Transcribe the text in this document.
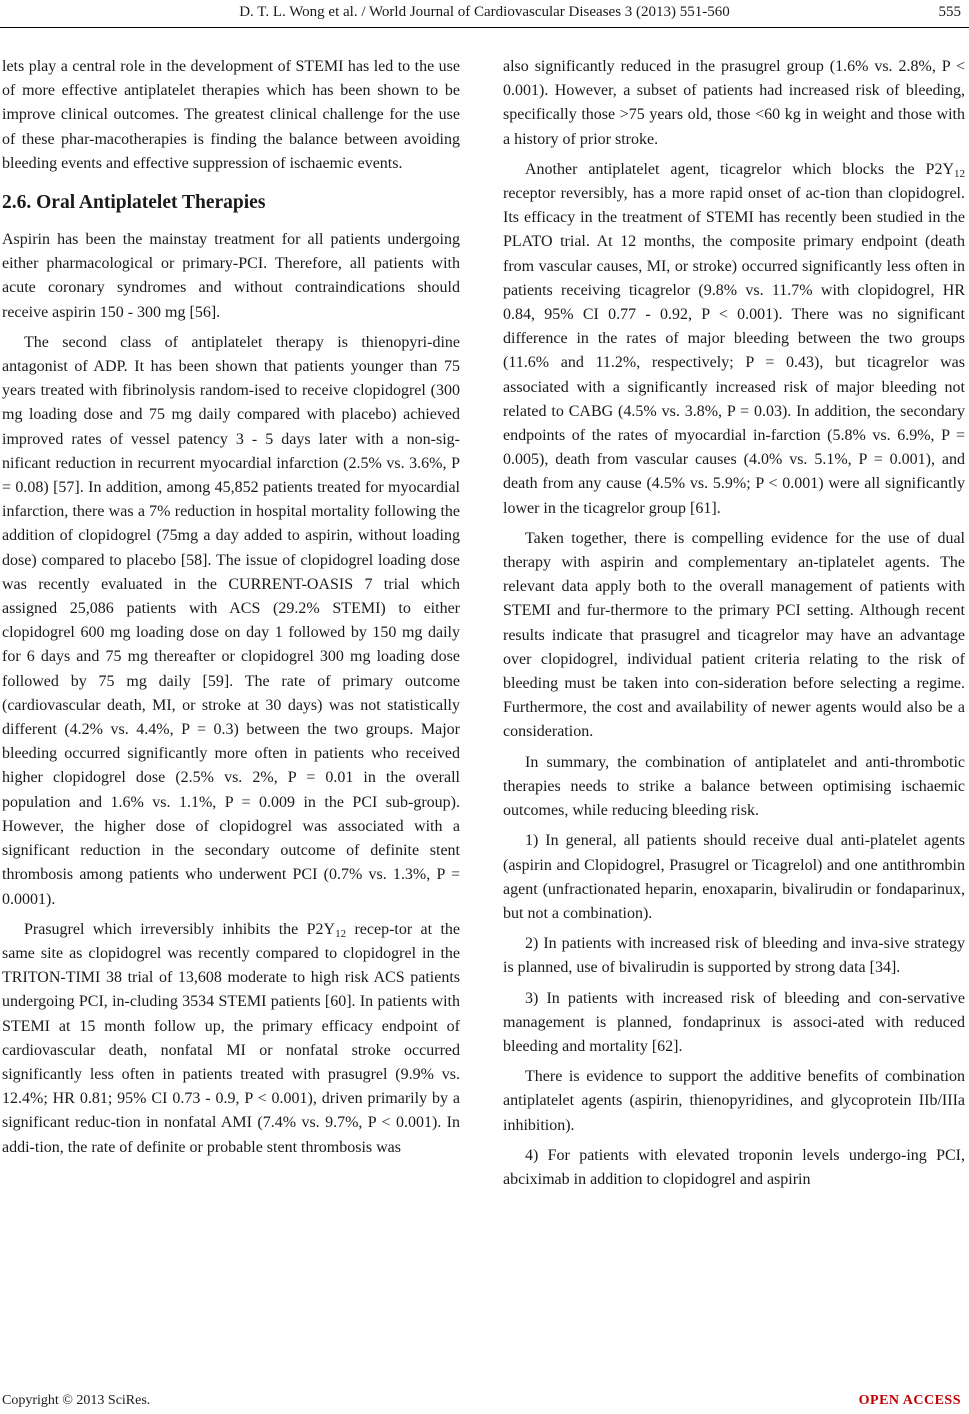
D. T. L. Wong et al. / World Journal of Cardiovascular Diseases 3 (2013) 551-560	555

lets play a central role in the development of STEMI has led to the use of more effective antiplatelet therapies which has been shown to be improve clinical outcomes. The greatest clinical challenge for the use of these phar-macotherapies is finding the balance between avoiding bleeding events and effective suppression of ischaemic events.

2.6. Oral Antiplatelet Therapies

Aspirin has been the mainstay treatment for all patients undergoing either pharmacological or primary-PCI. Therefore, all patients with acute coronary syndromes and without contraindications should receive aspirin 150 - 300 mg [56].

The second class of antiplatelet therapy is thienopyri-dine antagonist of ADP. It has been shown that patients younger than 75 years treated with fibrinolysis random-ised to receive clopidogrel (300 mg loading dose and 75 mg daily compared with placebo) achieved improved rates of vessel patency 3 - 5 days later with a non-sig-nificant reduction in recurrent myocardial infarction (2.5% vs. 3.6%, P = 0.08) [57]. In addition, among 45,852 patients treated for myocardial infarction, there was a 7% reduction in hospital mortality following the addition of clopidogrel (75mg a day added to aspirin, without loading dose) compared to placebo [58]. The issue of clopidogrel loading dose was recently evaluated in the CURRENT-OASIS 7 trial which assigned 25,086 patients with ACS (29.2% STEMI) to either clopidogrel 600 mg loading dose on day 1 followed by 150 mg daily for 6 days and 75 mg thereafter or clopidogrel 300 mg loading dose followed by 75 mg daily [59]. The rate of primary outcome (cardiovascular death, MI, or stroke at 30 days) was not statistically different (4.2% vs. 4.4%, P = 0.3) between the two groups. Major bleeding occurred significantly more often in patients who received higher clopidogrel dose (2.5% vs. 2%, P = 0.01 in the overall population and 1.6% vs. 1.1%, P = 0.009 in the PCI sub-group). However, the higher dose of clopidogrel was associated with a significant reduction in the secondary outcome of definite stent thrombosis among patients who underwent PCI (0.7% vs. 1.3%, P = 0.0001).

Prasugrel which irreversibly inhibits the $P2Y_{12}$ recep-tor at the same site as clopidogrel was recently compared to clopidogrel in the TRITON-TIMI 38 trial of 13,608 moderate to high risk ACS patients undergoing PCI, in-cluding 3534 STEMI patients [60]. In patients with STEMI at 15 month follow up, the primary efficacy endpoint of cardiovascular death, nonfatal MI or nonfatal stroke occurred significantly less often in patients treated with prasugrel (9.9% vs. 12.4%; HR 0.81; 95% CI 0.73 - 0.9, P < 0.001), driven primarily by a significant reduc-tion in nonfatal AMI (7.4% vs. 9.7%, P < 0.001). In addi-tion, the rate of definite or probable stent thrombosis was

also significantly reduced in the prasugrel group (1.6% vs. 2.8%, P < 0.001). However, a subset of patients had increased risk of bleeding, specifically those >75 years old, those <60 kg in weight and those with a history of prior stroke.

Another antiplatelet agent, ticagrelor which blocks the $P2Y_{12}$ receptor reversibly, has a more rapid onset of ac-tion than clopidogrel. Its efficacy in the treatment of STEMI has recently been studied in the PLATO trial. At 12 months, the composite primary endpoint (death from vascular causes, MI, or stroke) occurred significantly less often in patients receiving ticagrelor (9.8% vs. 11.7% with clopidogrel, HR 0.84, 95% CI 0.77 - 0.92, P < 0.001). There was no significant difference in the rates of major bleeding between the two groups (11.6% and 11.2%, respectively; P = 0.43), but ticagrelor was associated with a significantly increased risk of major bleeding not related to CABG (4.5% vs. 3.8%, P = 0.03). In addition, the secondary endpoints of the rates of myocardial in-farction (5.8% vs. 6.9%, P = 0.005), death from vascular causes (4.0% vs. 5.1%, P = 0.001), and death from any cause (4.5% vs. 5.9%; P < 0.001) were all significantly lower in the ticagrelor group [61].

Taken together, there is compelling evidence for the use of dual therapy with aspirin and complementary an-tiplatelet agents. The relevant data apply both to the overall management of patients with STEMI and fur-thermore to the primary PCI setting. Although recent results indicate that prasugrel and ticagrelor may have an advantage over clopidogrel, individual patient criteria relating to the risk of bleeding must be taken into con-sideration before selecting a regime. Furthermore, the cost and availability of newer agents would also be a consideration.

In summary, the combination of antiplatelet and anti-thrombotic therapies needs to strike a balance between optimising ischaemic outcomes, while reducing bleeding risk.

1) In general, all patients should receive dual anti-platelet agents (aspirin and Clopidogrel, Prasugrel or Ticagrelol) and one antithrombin agent (unfractionated heparin, enoxaparin, bivalirudin or fondaparinux, but not a combination).

2) In patients with increased risk of bleeding and inva-sive strategy is planned, use of bivalirudin is supported by strong data [34].

3) In patients with increased risk of bleeding and con-servative management is planned, fondaprinux is associ-ated with reduced bleeding and mortality [62].

There is evidence to support the additive benefits of combination antiplatelet agents (aspirin, thienopyridines, and glycoprotein IIb/IIIa inhibition).

4) For patients with elevated troponin levels undergo-ing PCI, abciximab in addition to clopidogrel and aspirin

Copyright © 2013 SciRes.	OPEN ACCESS
